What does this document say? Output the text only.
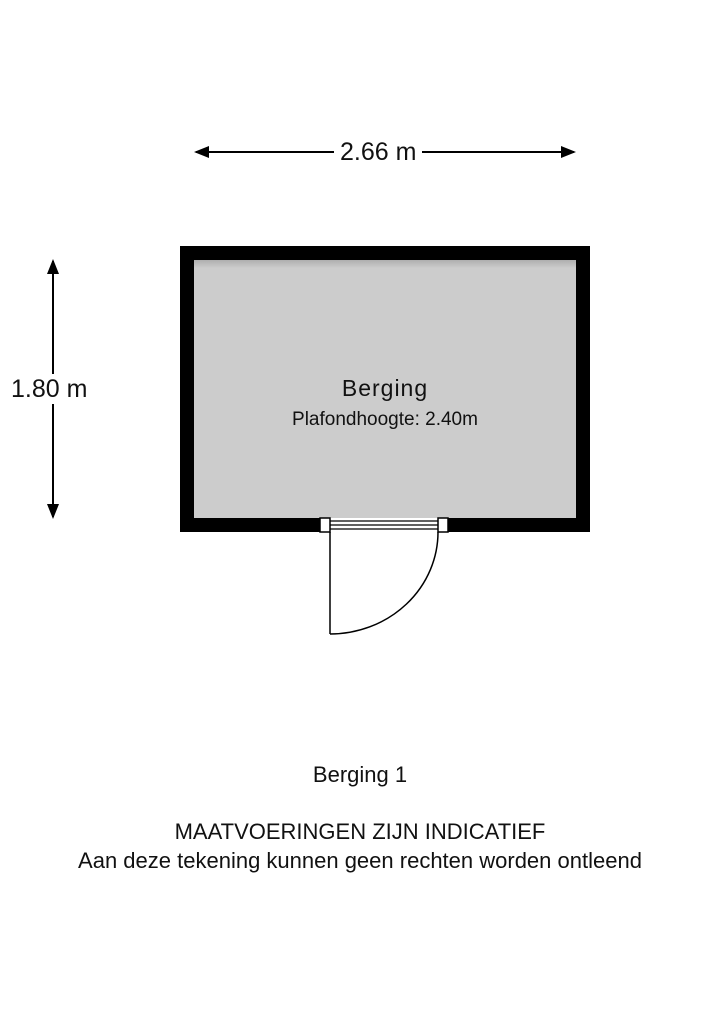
2.66 m
1.80 m	Berging
Plafondhoogte: 2.40m
Berging 1
MAATVOERINGEN ZIJN INDICATIEF
Aan deze tekening kunnen geen rechten worden ontleend
